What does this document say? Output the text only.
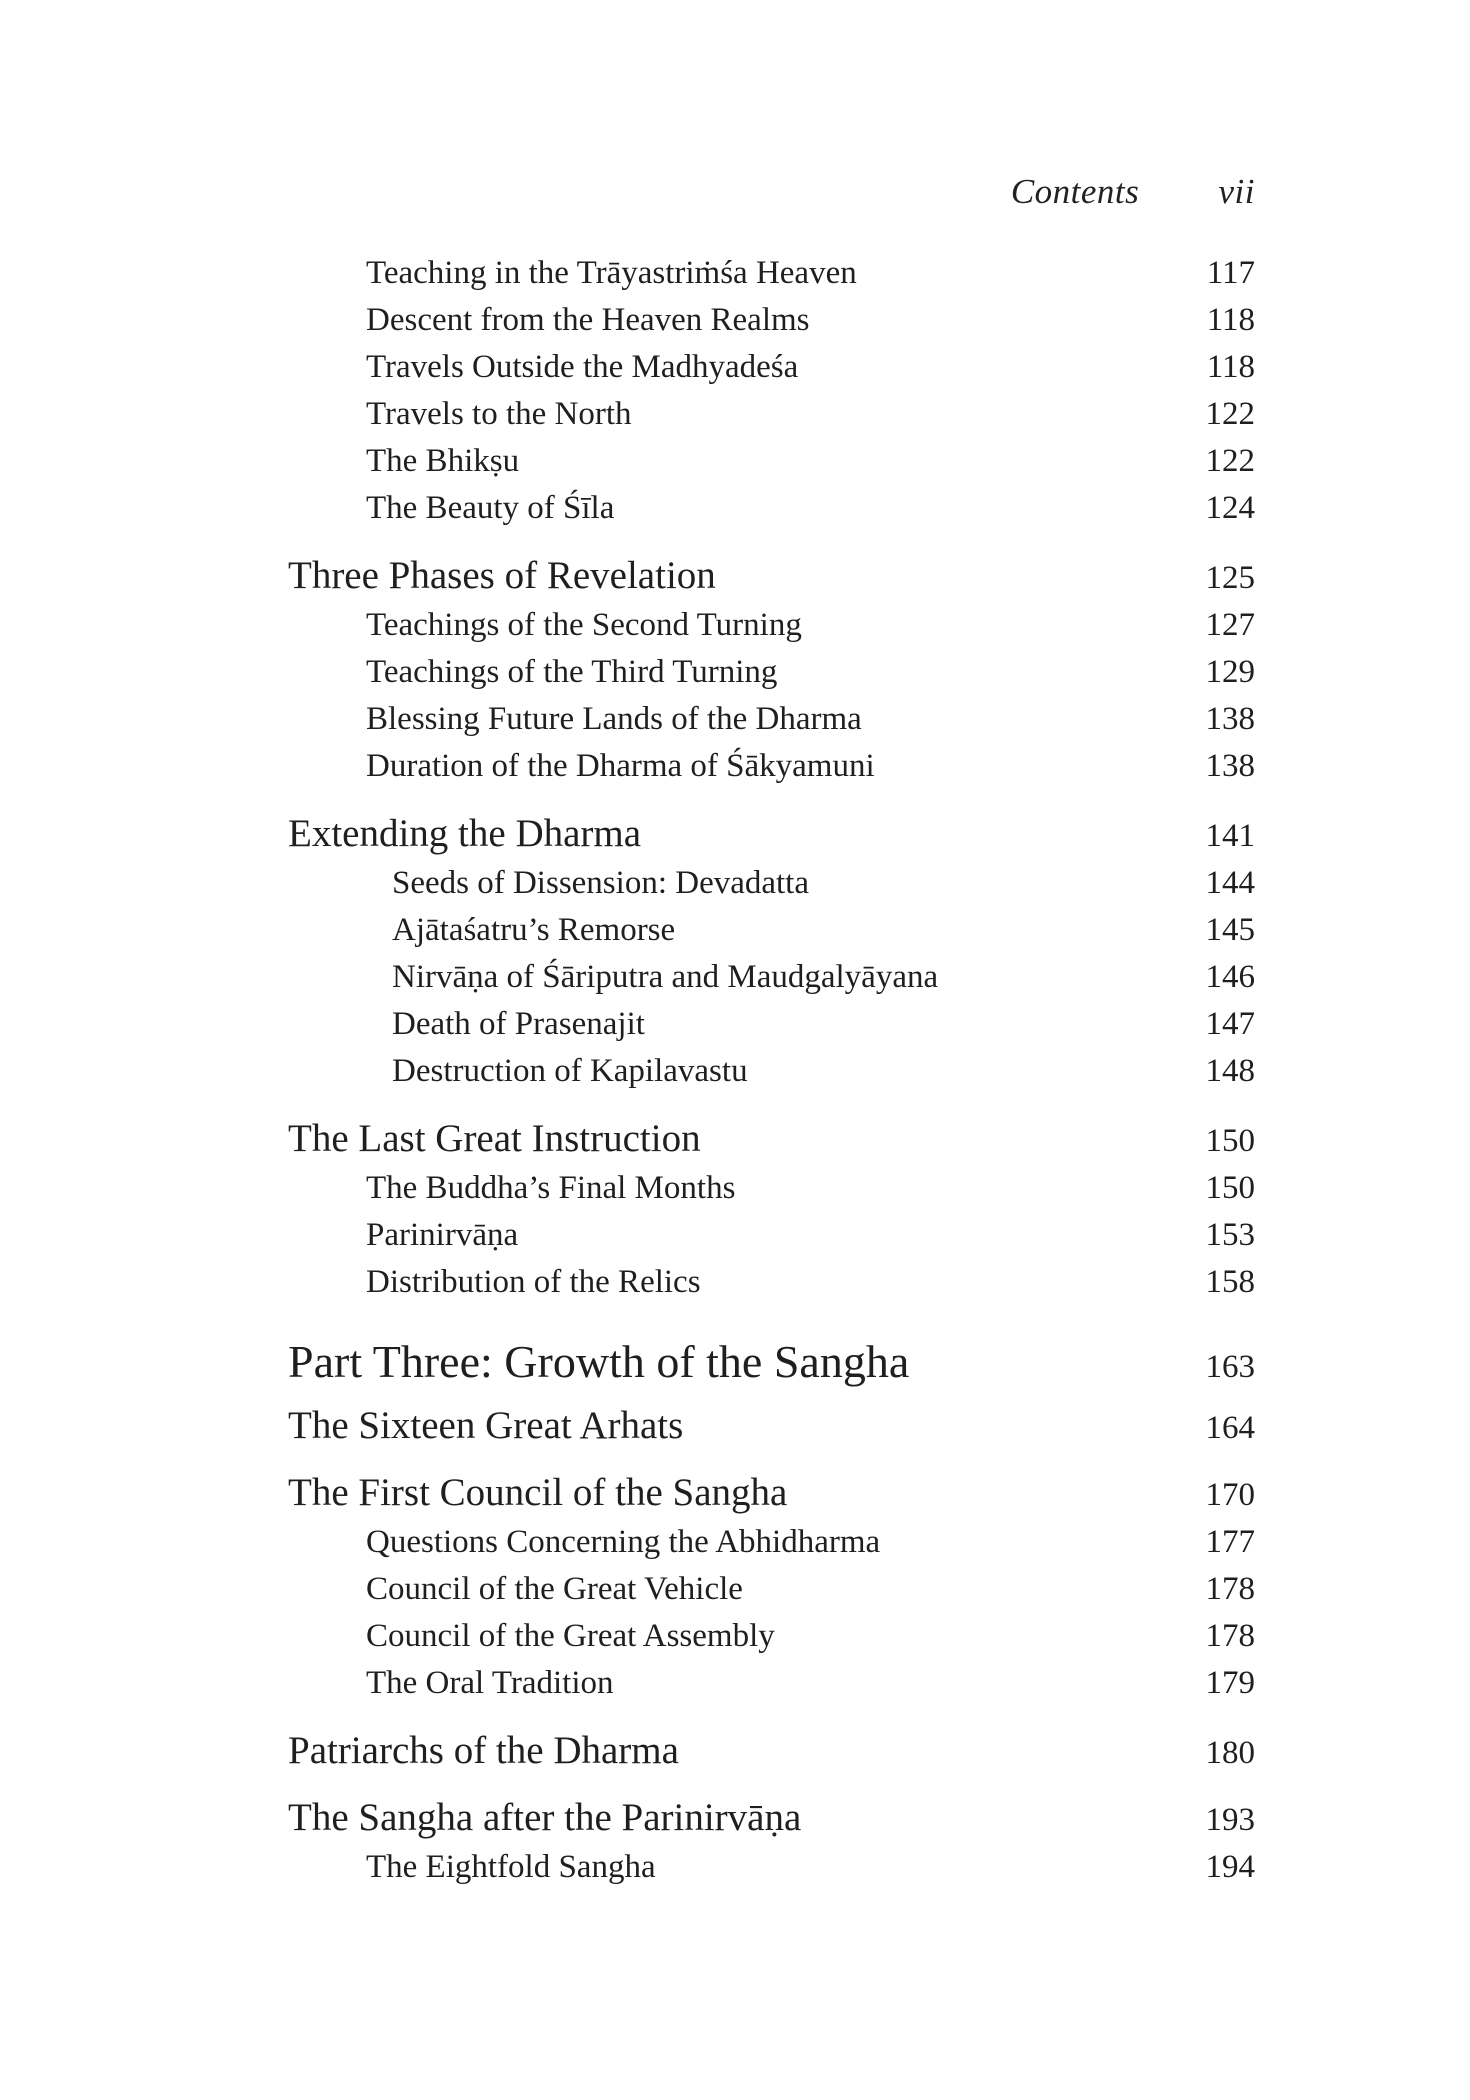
Contents vii
Teaching in the Trāyastriṁśa Heaven	117
Descent from the Heaven Realms	118
Travels Outside the Madhyadeśa	118
Travels to the North	122
The Bhikṣu	122
The Beauty of Śīla	124
Three Phases of Revelation	125
Teachings of the Second Turning	127
Teachings of the Third Turning	129
Blessing Future Lands of the Dharma	138
Duration of the Dharma of Śākyamuni	138
Extending the Dharma	141
Seeds of Dissension: Devadatta	144
Ajātaśatru’s Remorse	145
Nirvāṇa of Śāriputra and Maudgalyāyana	146
Death of Prasenajit	147
Destruction of Kapilavastu	148
The Last Great Instruction	150
The Buddha’s Final Months	150
Parinirvāṇa	153
Distribution of the Relics	158
Part Three: Growth of the Sangha	163
The Sixteen Great Arhats	164
The First Council of the Sangha	170
Questions Concerning the Abhidharma	177
Council of the Great Vehicle	178
Council of the Great Assembly	178
The Oral Tradition	179
Patriarchs of the Dharma	180
The Sangha after the Parinirvāṇa	193
The Eightfold Sangha	194
